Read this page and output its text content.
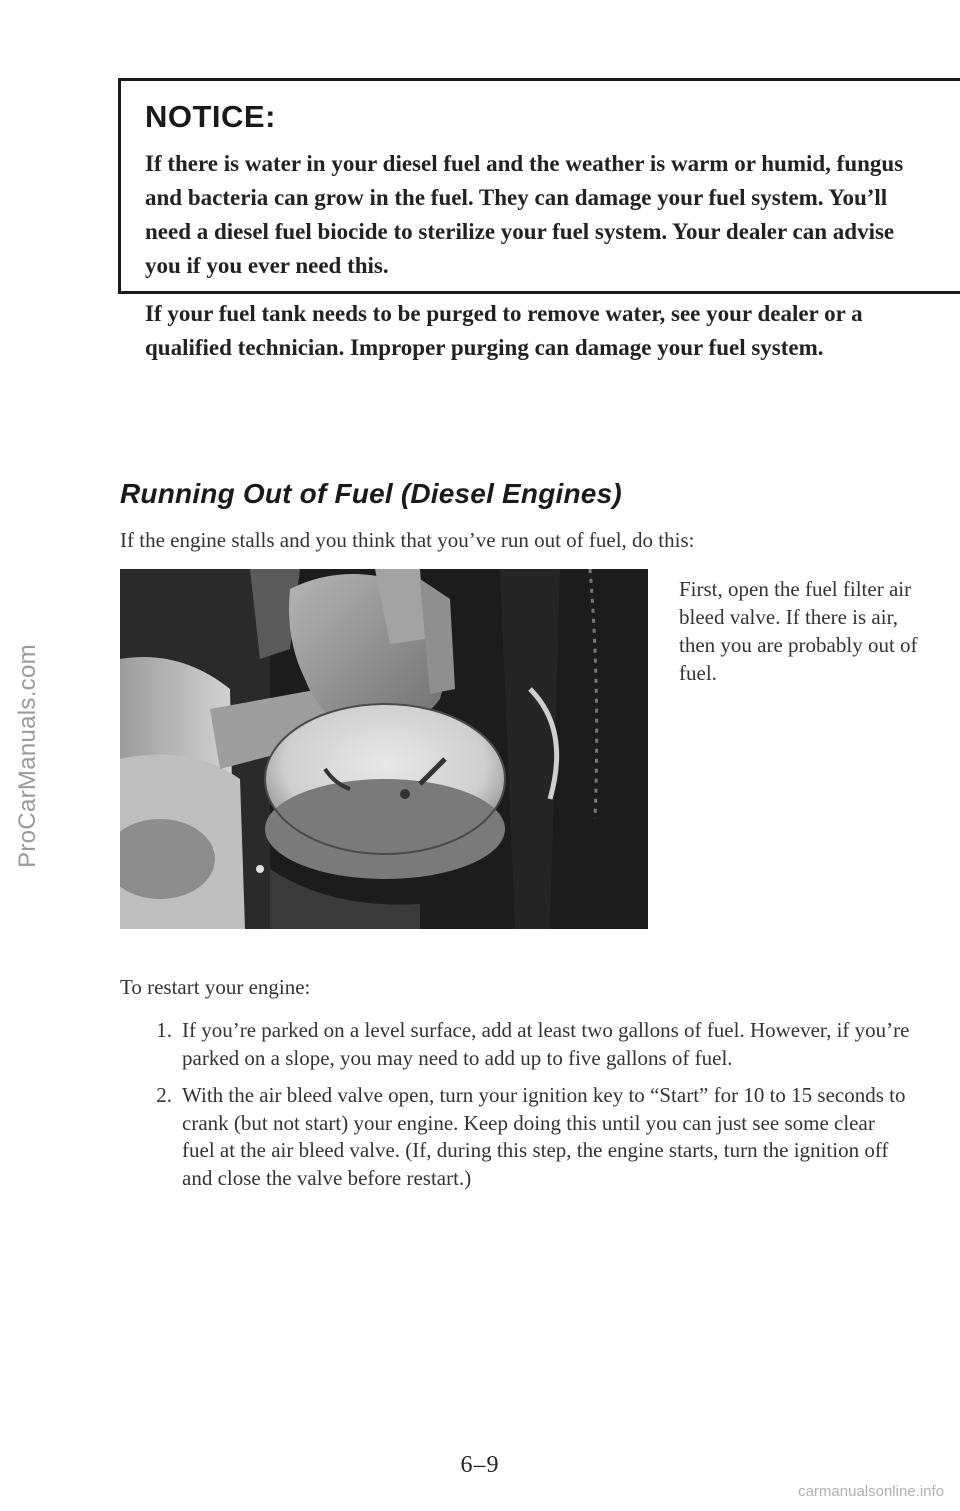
ProCarManuals.com
NOTICE:

If there is water in your diesel fuel and the weather is warm or humid, fungus and bacteria can grow in the fuel. They can damage your fuel system. You’ll need a diesel fuel biocide to sterilize your fuel system. Your dealer can advise you if you ever need this.

If your fuel tank needs to be purged to remove water, see your dealer or a qualified technician. Improper purging can damage your fuel system.

Running Out of Fuel (Diesel Engines)
If the engine stalls and you think that you’ve run out of fuel, do this:
First, open the fuel filter air bleed valve. If there is air, then you are probably out of fuel.
To restart your engine:
1. If you’re parked on a level surface, add at least two gallons of fuel. However, if you’re parked on a slope, you may need to add up to five gallons of fuel.
2. With the air bleed valve open, turn your ignition key to “Start” for 10 to 15 seconds to crank (but not start) your engine. Keep doing this until you can just see some clear fuel at the air bleed valve. (If, during this step, the engine starts, turn the ignition off and close the valve before restart.)
6–9
carmanualsonline.info
